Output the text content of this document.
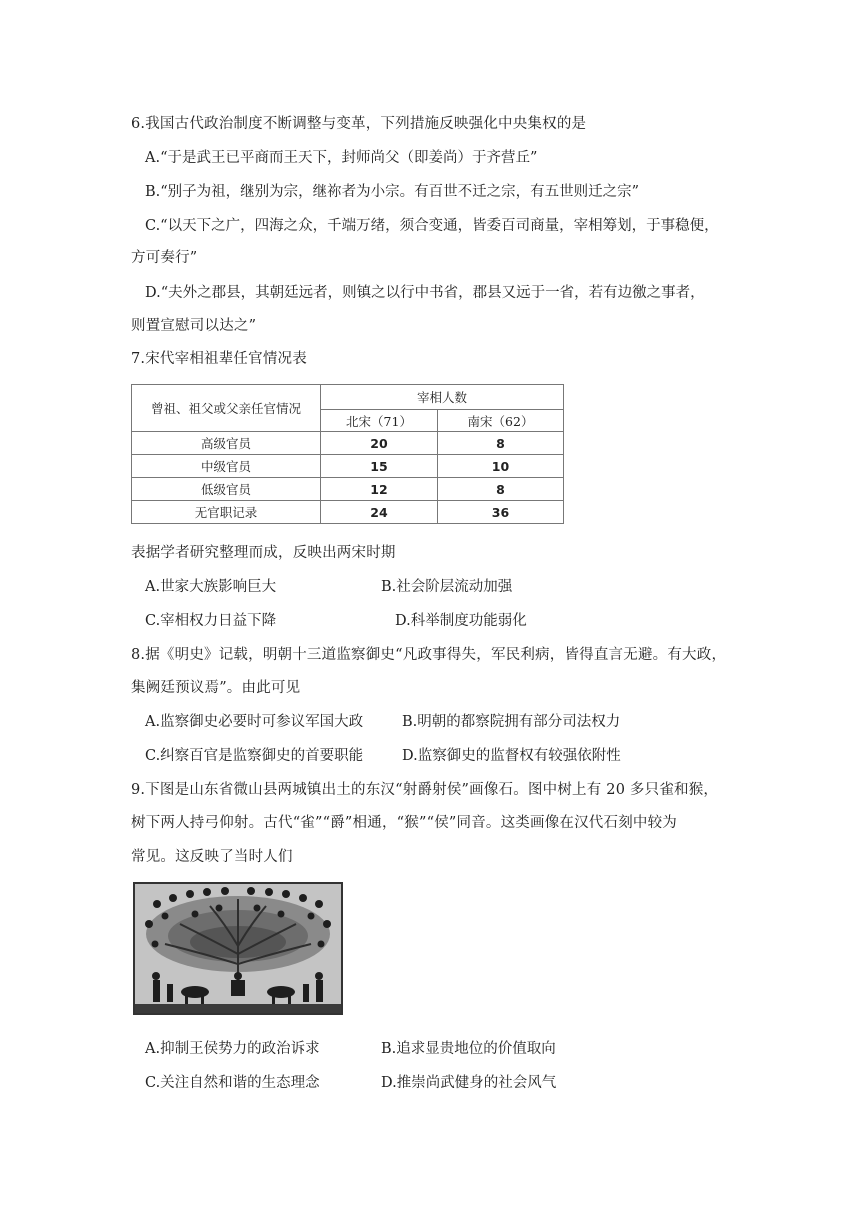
6.我国古代政治制度不断调整与变革，下列措施反映强化中央集权的是
A.“于是武王已平商而王天下，封师尚父（即姜尚）于齐营丘”
B.“别子为祖，继别为宗，继祢者为小宗。有百世不迁之宗，有五世则迁之宗”
C.“以天下之广，四海之众，千端万绪，须合变通，皆委百司商量，宰相筹划，于事稳便，
方可奏行”
D.“夫外之郡县，其朝廷远者，则镇之以行中书省，郡县又远于一省，若有边徼之事者，
则置宣慰司以达之”
7.宋代宰相祖辈任官情况表
曾祖、祖父或父亲任官情况	宰相人数	
	北宋（71）	南宋（62）
高级官员	20	8
中级官员	15	10
低级官员	12	8
无官职记录	24	36
表据学者研究整理而成，反映出两宋时期
A.世家大族影响巨大	B.社会阶层流动加强
C.宰相权力日益下降	D.科举制度功能弱化
8.据《明史》记载，明朝十三道监察御史“凡政事得失，军民利病，皆得直言无避。有大政，
集阙廷预议焉”。由此可见
A.监察御史必要时可参议军国大政	B.明朝的都察院拥有部分司法权力
C.纠察百官是监察御史的首要职能	D.监察御史的监督权有较强依附性
9.下图是山东省微山县两城镇出土的东汉“射爵射侯”画像石。图中树上有 20 多只雀和猴，
树下两人持弓仰射。古代“雀”“爵”相通，“猴”“侯”同音。这类画像在汉代石刻中较为
常见。这反映了当时人们
A.抑制王侯势力的政治诉求	B.追求显贵地位的价值取向
C.关注自然和谐的生态理念	D.推崇尚武健身的社会风气
